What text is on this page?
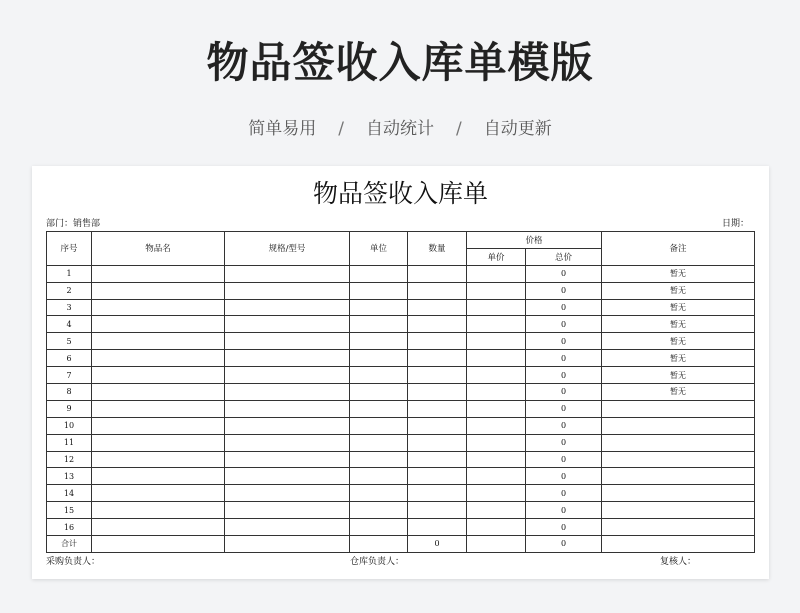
物品签收入库单模版
简单易用 / 自动统计 / 自动更新
物品签收入库单
部门：销售部	日期：
序号	物品名	规格/型号	单位	数量	价格		备注
					单价	总价	
1						0	暂无
2						0	暂无
3						0	暂无
4						0	暂无
5						0	暂无
6						0	暂无
7						0	暂无
8						0	暂无
9						0	
10						0	
11						0	
12						0	
13						0	
14						0	
15						0	
16						0	
合计				0		0	
采购负责人：	仓库负责人：	复核人：
